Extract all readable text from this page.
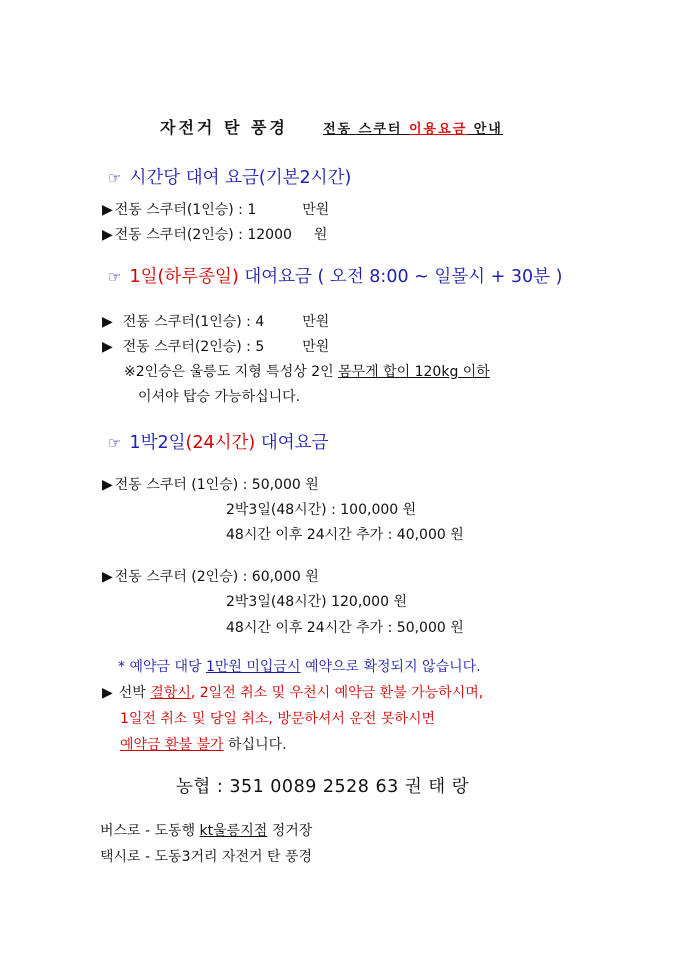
자전거 탄 풍경	전동 스쿠터 이용요금 안내
☞ 시간당 대여 요금(기본2시간)
▶ 전동 스쿠터(1인승) : 1	만원
▶ 전동 스쿠터(2인승) : 12000 원
☞ 1일(하루종일) 대여요금 ( 오전 8:00 ~ 일몰시 + 30분 )
▶ 전동 스쿠터(1인승) : 4	만원
▶ 전동 스쿠터(2인승) : 5	만원
※2인승은 울릉도 지형 특성상 2인 몸무게 합이 120kg 이하
이셔야 탑승 가능하십니다.
☞ 1박2일(24시간) 대여요금
▶ 전동 스쿠터 (1인승) : 50,000 원
2박3일(48시간) : 100,000 원
48시간 이후 24시간 추가 : 40,000 원
▶ 전동 스쿠터 (2인승) : 60,000 원
2박3일(48시간) 120,000 원
48시간 이후 24시간 추가 : 50,000 원
* 예약금 대당 1만원 미입금시 예약으로 확정되지 않습니다.
▶ 선박 결항시, 2일전 취소 및 우천시 예약금 환불 가능하시며,
1일전 취소 및 당일 취소, 방문하셔서 운전 못하시면
예약금 환불 불가 하십니다.
농협 : 351 0089 2528 63 권 태 랑
버스로 - 도동행 kt울릉지점 정거장
택시로 - 도동3거리 자전거 탄 풍경
